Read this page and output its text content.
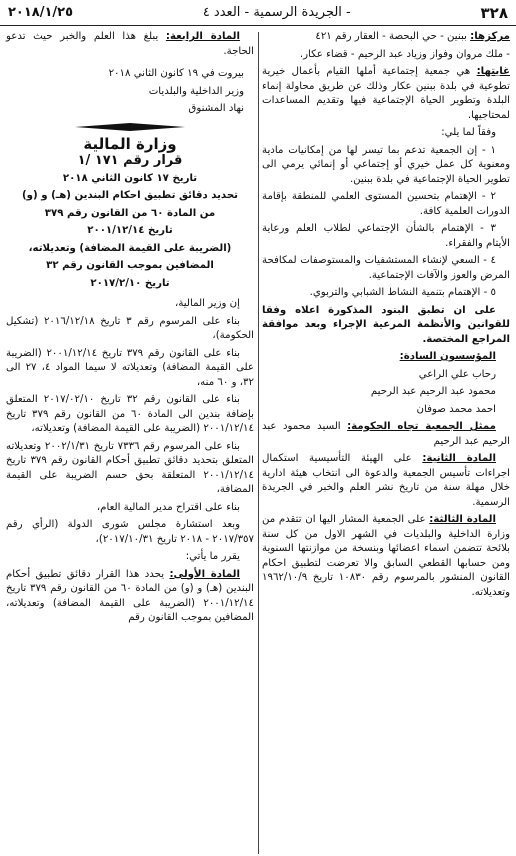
٢٠١٨/١/٢٥	الجريدة الرسمية - العدد ٤ -	٣٢٨

مركزها: ببنين - حي البحصة - العقار رقم ٤٢١

- ملك مروان وفواز وزياد عبد الرحيم - قضاء عكار.

غايتها: هي جمعية إجتماعية أملها القيام بأعمال خيرية تطوعية في بلدة ببنين عكار وذلك عن طريق محاولة إنماء البلدة وتطوير الحياة الإجتماعية فيها وتقديم المساعدات لمحتاجيها.

وفقاً لما يلي:

١ - إن الجمعية تدعم بما تيسر لها من إمكانيات مادية ومعنوية كل عمل خيري أو إجتماعي أو إنمائي يرمي الى تطوير الحياة الإجتماعية في بلدة ببنين.

٢ - الإهتمام بتحسين المستوى العلمي للمنطقة بإقامة الدورات العلمية كافة.

٣ - الإهتمام بالشأن الإجتماعي لطلاب العلم ورعاية الأيتام والفقراء.

٤ - السعي لإنشاء المستشفيات والمستوصفات لمكافحة المرض والعوز والآفات الإجتماعية.

٥ - الإهتمام بتنمية النشاط الشبابي والتربوي.

على ان تطبق البنود المذكورة اعلاه وفقا للقوانين والأنظمة المرعية الإجراء وبعد موافقة المراجع المختصة.

المؤسسون السادة:

رحاب علي الراعي

محمود عبد الرحيم عبد الرحيم

احمد محمد صوفان

ممثل الجمعية تجاه الحكومة: السيد محمود عبد الرحيم عبد الرحيم

المادة الثانية: على الهيئة التأسيسية استكمال اجراءات تأسيس الجمعية والدعوة الى انتخاب هيئة ادارية خلال مهلة سنة من تاريخ نشر العلم والخبر في الجريدة الرسمية.

المادة الثالثة: على الجمعية المشار اليها ان تتقدم من وزارة الداخلية والبلديات في الشهر الاول من كل سنة بلائحة تتضمن اسماء اعضائها وبنسخة من موازنتها السنوية ومن حسابها القطعي السابق والا تعرضت لتطبيق احكام القانون المنشور بالمرسوم رقم ١٠٨٣٠ تاريخ ١٩٦٢/١٠/٩ وتعديلاته.

المادة الرابعة: يبلغ هذا العلم والخبر حيث تدعو الحاجة.

بيروت في ١٩ كانون الثاني ٢٠١٨

وزير الداخلية والبلديات

نهاد المشنوق

وزارة المالية

قرار رقم ١٧١ /١

تاريخ ١٧ كانون الثاني ٢٠١٨

تحديد دقائق تطبيق احكام البندين (هـ) و (و)

من المادة ٦٠ من القانون رقم ٣٧٩

تاريخ ٢٠٠١/١٢/١٤

(الضريبة على القيمة المضافة) وتعديلاته،

المضافين بموجب القانون رقم ٣٢

تاريخ ٢٠١٧/٢/١٠

إن وزير المالية،

بناء على المرسوم رقم ٣ تاريخ ٢٠١٦/١٢/١٨ (تشكيل الحكومة)،

بناء على القانون رقم ٣٧٩ تاريخ ٢٠٠١/١٢/١٤ (الضريبة على القيمة المضافة) وتعديلاته لا سيما المواد ٤، ٢٧ الى ٣٢، و ٦٠ منه،

بناء على القانون رقم ٣٢ تاريخ ٢٠١٧/٠٢/١٠ المتعلق بإضافة بندين الى المادة ٦٠ من القانون رقم ٣٧٩ تاريخ ٢٠٠١/١٢/١٤ (الضريبة على القيمة المضافة) وتعديلاته،

بناء على المرسوم رقم ٧٣٣٦ تاريخ ٢٠٠٢/١/٣١ وتعديلاته المتعلق بتحديد دقائق تطبيق أحكام القانون رقم ٣٧٩ تاريخ ٢٠٠١/١٢/١٤ المتعلقة بحق حسم الضريبة على القيمة المضافة،

بناء على اقتراح مدير المالية العام،

وبعد استشارة مجلس شورى الدولة (الرأي رقم ٢٠١٧/٣٥٧ - ٢٠١٨ تاريخ ٢٠١٧/١٠/٣١)،

يقرر ما يأتي:

المادة الأولى: يحدد هذا القرار دقائق تطبيق أحكام البندين (هـ) و (و) من المادة ٦٠ من القانون رقم ٣٧٩ تاريخ ٢٠٠١/١٢/١٤ (الضريبة على القيمة المضافة) وتعديلاته، المضافين بموجب القانون رقم
